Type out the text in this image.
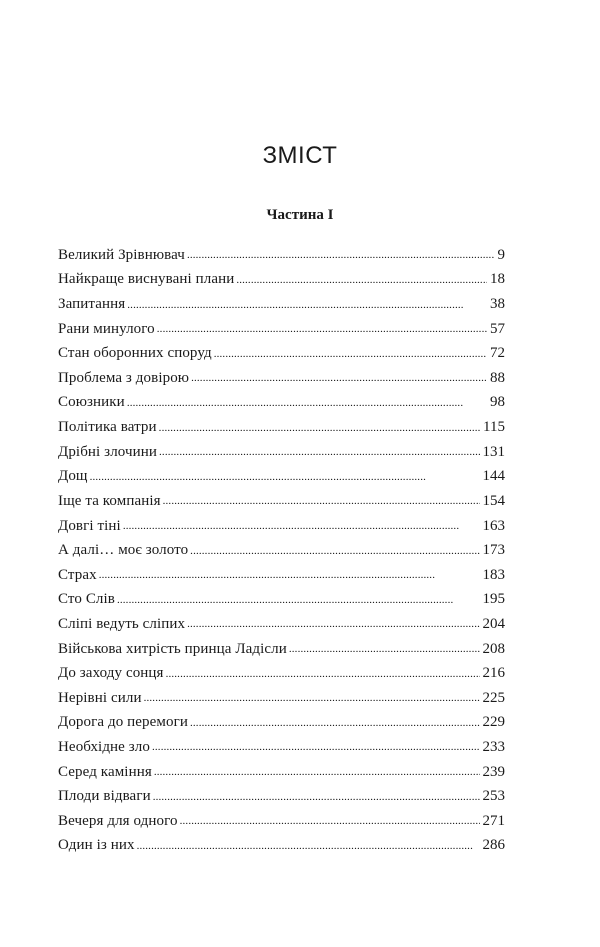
ЗМІСТ
Частина І
Великий Зрівнювач . . .	9
Найкраще виснувані плани . . .	18
Запитання . . .	38
Рани минулого . . .	57
Стан оборонних споруд . . .	72
Проблема з довірою . . .	88
Союзники . . .	98
Політика ватри . . .	115
Дрібні злочини . . .	131
Дощ . . .	144
Іще та компанія . . .	154
Довгі тіні . . .	163
А далі… моє золото . . .	173
Страх . . .	183
Сто Слів . . .	195
Сліпі ведуть сліпих . . .	204
Військова хитрість принца Ладісли . . .	208
До заходу сонця . . .	216
Нерівні сили . . .	225
Дорога до перемоги . . .	229
Необхідне зло . . .	233
Серед каміння . . .	239
Плоди відваги . . .	253
Вечеря для одного . . .	271
Один із них . . .	286
